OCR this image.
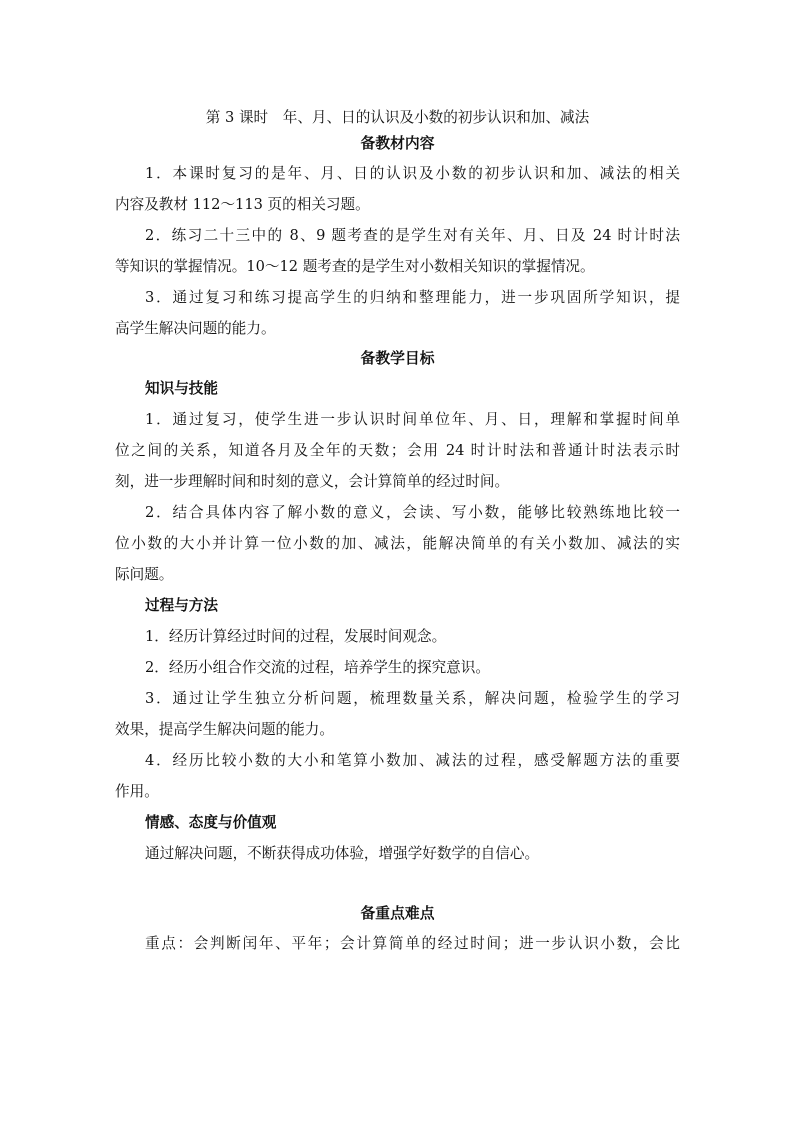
第 3 课时　年、月、日的认识及小数的初步认识和加、减法
备教材内容
1．本课时复习的是年、月、日的认识及小数的初步认识和加、减法的相关
内容及教材 112～113 页的相关习题。
2．练习二十三中的 8、9 题考查的是学生对有关年、月、日及 24 时计时法
等知识的掌握情况。10～12 题考查的是学生对小数相关知识的掌握情况。
3．通过复习和练习提高学生的归纳和整理能力，进一步巩固所学知识，提
高学生解决问题的能力。
备教学目标
知识与技能
1．通过复习，使学生进一步认识时间单位年、月、日，理解和掌握时间单
位之间的关系，知道各月及全年的天数；会用 24 时计时法和普通计时法表示时
刻，进一步理解时间和时刻的意义，会计算简单的经过时间。
2．结合具体内容了解小数的意义，会读、写小数，能够比较熟练地比较一
位小数的大小并计算一位小数的加、减法，能解决简单的有关小数加、减法的实
际问题。
过程与方法
1．经历计算经过时间的过程，发展时间观念。
2．经历小组合作交流的过程，培养学生的探究意识。
3．通过让学生独立分析问题，梳理数量关系，解决问题，检验学生的学习
效果，提高学生解决问题的能力。
4．经历比较小数的大小和笔算小数加、减法的过程，感受解题方法的重要
作用。
情感、态度与价值观
通过解决问题，不断获得成功体验，增强学好数学的自信心。
备重点难点
重点：会判断闰年、平年；会计算简单的经过时间；进一步认识小数，会比
